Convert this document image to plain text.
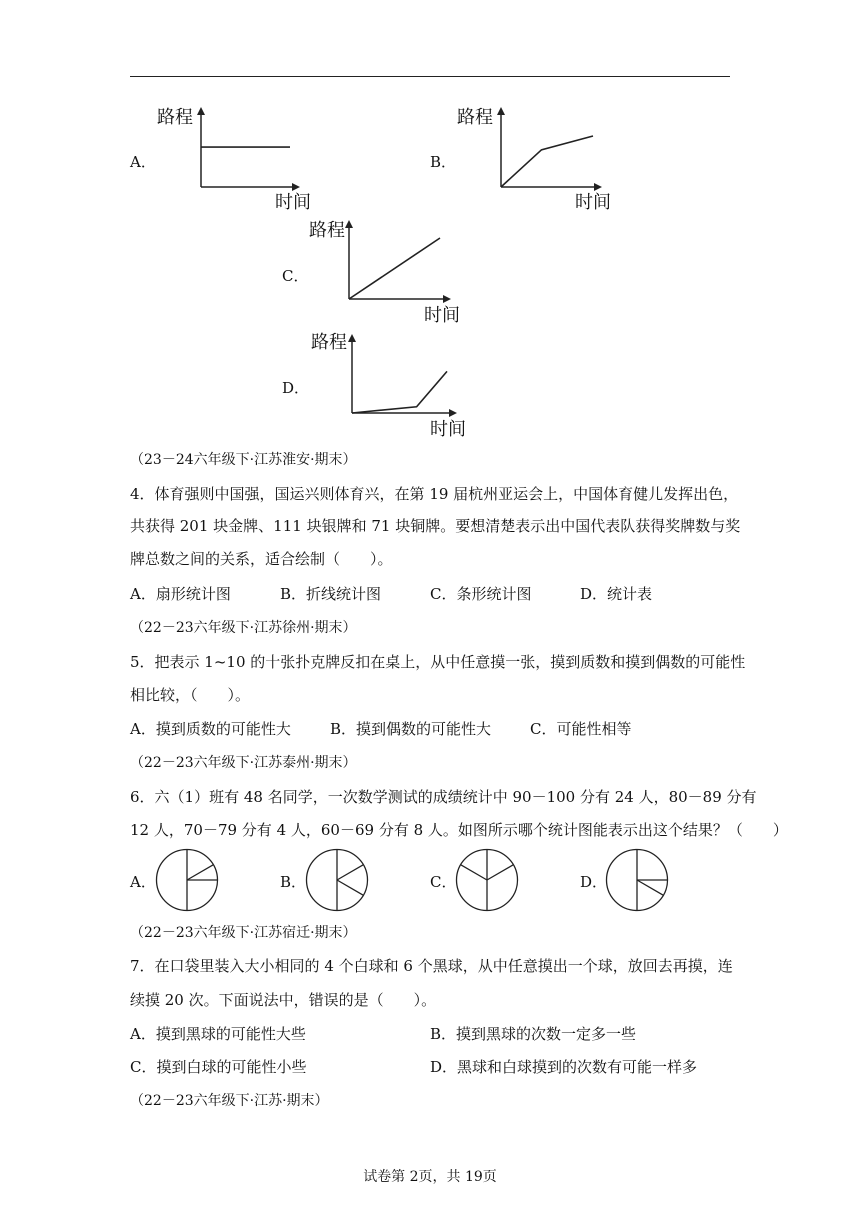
A．
路程
时间
B．
路程
时间
C．
路程
时间
D．
路程
时间
（23－24六年级下·江苏淮安·期末）
4．体育强则中国强，国运兴则体育兴，在第 19 届杭州亚运会上，中国体育健儿发挥出色，
共获得 201 块金牌、111 块银牌和 71 块铜牌。要想清楚表示出中国代表队获得奖牌数与奖
牌总数之间的关系，适合绘制（　　）。
A．扇形统计图	B．折线统计图	C．条形统计图	D．统计表
（22－23六年级下·江苏徐州·期末）
5．把表示 1~10 的十张扑克牌反扣在桌上，从中任意摸一张，摸到质数和摸到偶数的可能性
相比较，（　　）。
A．摸到质数的可能性大	B．摸到偶数的可能性大	C．可能性相等
（22－23六年级下·江苏泰州·期末）
6．六（1）班有 48 名同学，一次数学测试的成绩统计中 90－100 分有 24 人，80－89 分有
12 人，70－79 分有 4 人，60－69 分有 8 人。如图所示哪个统计图能表示出这个结果？（　　）
A．	B．	C．	D．
（22－23六年级下·江苏宿迁·期末）
7．在口袋里装入大小相同的 4 个白球和 6 个黑球，从中任意摸出一个球，放回去再摸，连
续摸 20 次。下面说法中，错误的是（　　）。
A．摸到黑球的可能性大些	B．摸到黑球的次数一定多一些
C．摸到白球的可能性小些	D．黑球和白球摸到的次数有可能一样多
（22－23六年级下·江苏·期末）
试卷第 2页，共 19页
